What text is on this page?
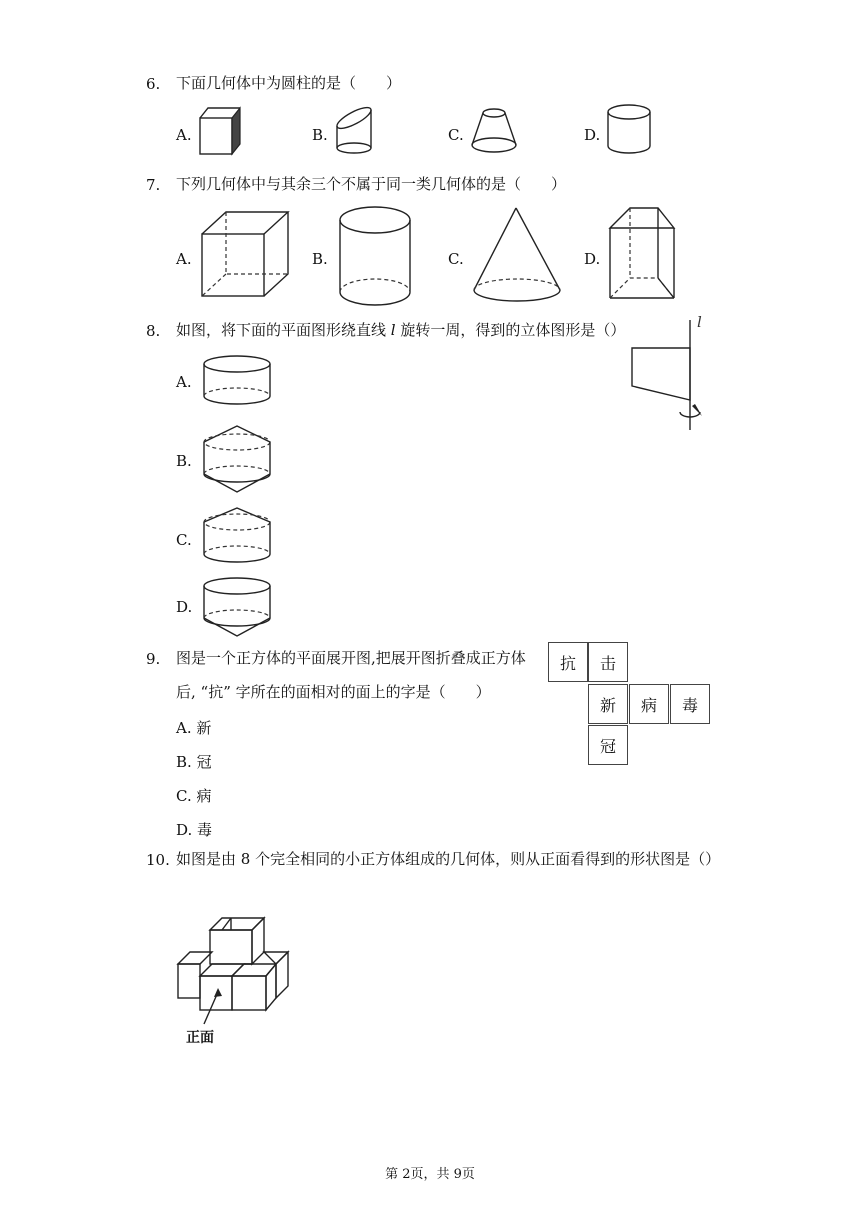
6. 下面几何体中为圆柱的是（　　）
A.	B.	C.	D.
7. 下列几何体中与其余三个不属于同一类几何体的是（　　）
A.	B.	C.	D.
8. 如图，将下面的平面图形绕直线 l 旋转一周，得到的立体图形是（）	l
A.
B.
C.
D.
9. 图是一个正方体的平面展开图,把展开图折叠成正方体
后, “抗” 字所在的面相对的面上的字是（　　）
A. 新
B. 冠
C. 病
D. 毒
抗	击
新	病	毒
冠
10. 如图是由 8 个完全相同的小正方体组成的几何体，则从正面看得到的形状图是（）
正面
第 2页，共 9页
